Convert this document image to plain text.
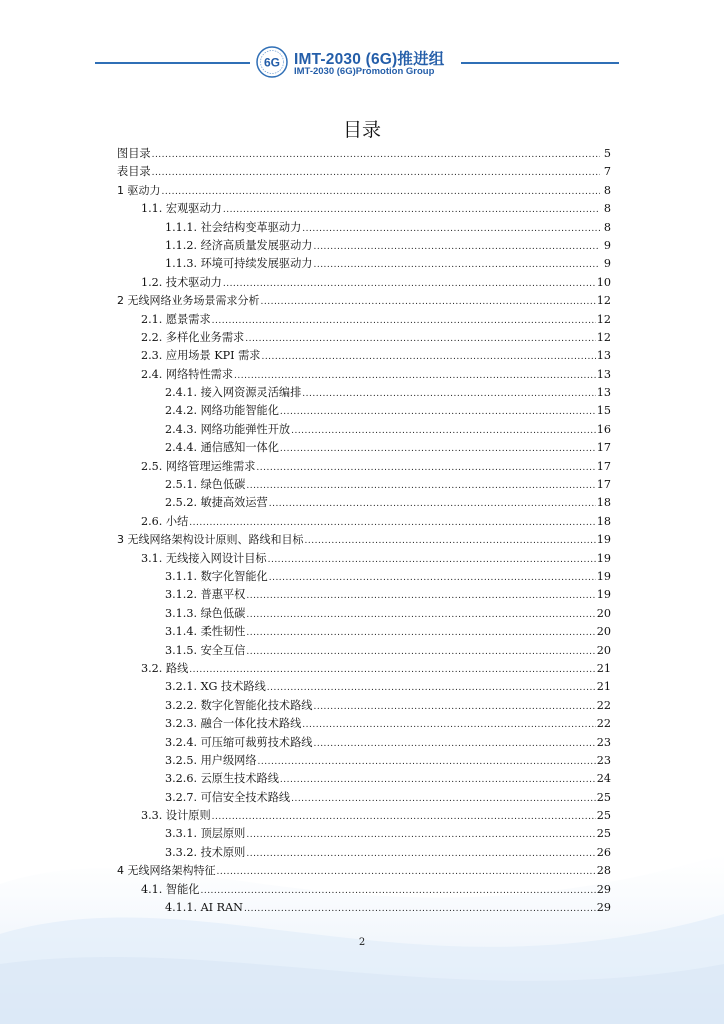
6G IMT-2030 (6G)推进组
IMT-2030 (6G)Promotion Group
目录
图目录 .....	5
表目录 .....	7
1 驱动力 .....	8
1.1. 宏观驱动力 .....	8
1.1.1. 社会结构变革驱动力 .....	8
1.1.2. 经济高质量发展驱动力 .....	9
1.1.3. 环境可持续发展驱动力 .....	9
1.2. 技术驱动力 .....	10
2 无线网络业务场景需求分析 .....	12
2.1. 愿景需求 .....	12
2.2. 多样化业务需求 .....	12
2.3. 应用场景 KPI 需求 .....	13
2.4. 网络特性需求 .....	13
2.4.1. 接入网资源灵活编排 .....	13
2.4.2. 网络功能智能化 .....	15
2.4.3. 网络功能弹性开放 .....	16
2.4.4. 通信感知一体化 .....	17
2.5. 网络管理运维需求 .....	17
2.5.1. 绿色低碳 .....	17
2.5.2. 敏捷高效运营 .....	18
2.6. 小结 .....	18
3 无线网络架构设计原则、路线和目标 .....	19
3.1. 无线接入网设计目标 .....	19
3.1.1. 数字化智能化 .....	19
3.1.2. 普惠平权 .....	19
3.1.3. 绿色低碳 .....	20
3.1.4. 柔性韧性 .....	20
3.1.5. 安全互信 .....	20
3.2. 路线 .....	21
3.2.1. XG 技术路线 .....	21
3.2.2. 数字化智能化技术路线 .....	22
3.2.3. 融合一体化技术路线 .....	22
3.2.4. 可压缩可裁剪技术路线 .....	23
3.2.5. 用户级网络 .....	23
3.2.6. 云原生技术路线 .....	24
3.2.7. 可信安全技术路线 .....	25
3.3. 设计原则 .....	25
3.3.1. 顶层原则 .....	25
3.3.2. 技术原则 .....	26
4 无线网络架构特征 .....	28
4.1. 智能化 .....	29
4.1.1. AI RAN .....	29
2
